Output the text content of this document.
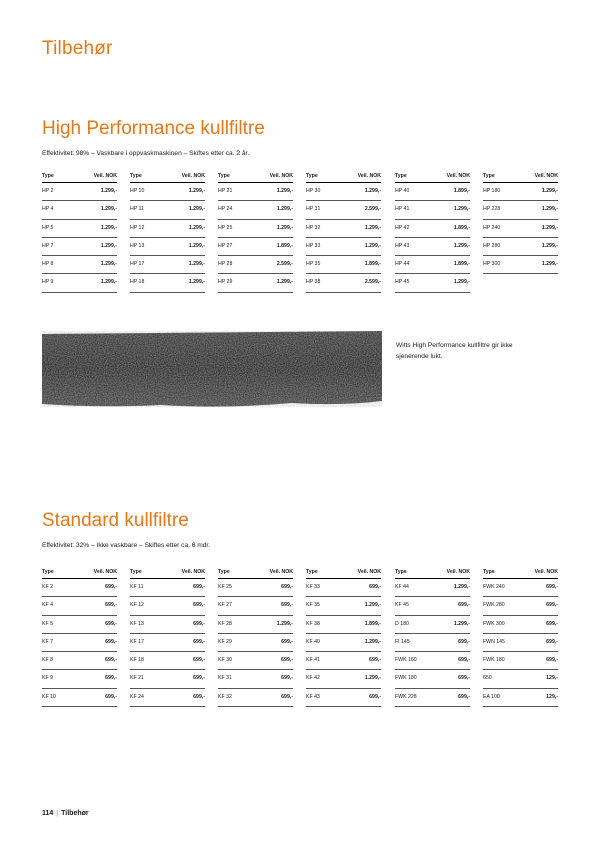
Tilbehør
High Performance kullfiltre
Effektivitet: 98% – Vaskbare i oppvaskmaskinen – Skiftes etter ca. 2 år.
Type	Veil. NOK
HP 2	1.299,-
HP 4	1.299,-
HP 5	1.299,-
HP 7	1.299,-
HP 8	1.299,-
HP 9	1.299,-
Type	Veil. NOK
HP 10	1.299,-
HP 11	1.299,-
HP 12	1.299,-
HP 13	1.299,-
HP 17	1.299,-
HP 18	1.299,-
Type	Veil. NOK
HP 21	1.299,-
HP 24	1.299,-
HP 25	1.299,-
HP 27	1.899,-
HP 28	2.599,-
HP 29	1.299,-
Type	Veil. NOK
HP 30	1.299,-
HP 31	2.599,-
HP 32	1.299,-
HP 33	1.299,-
HP 35	1.899,-
HP 38	2.599,-
Type	Veil. NOK
HP 40	1.899,-
HP 41	1.299,-
HP 42	1.899,-
HP 43	1.299,-
HP 44	1.899,-
HP 45	1.299,-
Type	Veil. NOK
HP 180	1.299,-
HP 228	1.299,-
HP 240	1.299,-
HP 280	1.299,-
HP 300	1.299,-
Witts High Performance kullfiltre gir ikke sjenerende lukt.
Standard kullfiltre
Effektivitet: 32% – Ikke vaskbare – Skiftes etter ca. 6 mdr.
Type	Veil. NOK
KF 2	699,-
KF 4	699,-
KF 5	699,-
KF 7	699,-
KF 8	699,-
KF 9	699,-
KF 10	699,-
Type	Veil. NOK
KF 11	699,-
KF 12	699,-
KF 13	699,-
KF 17	699,-
KF 18	699,-
KF 21	699,-
KF 24	699,-
Type	Veil. NOK
KF 25	699,-
KF 27	699,-
KF 28	1.299,-
KF 29	699,-
KF 30	699,-
KF 31	699,-
KF 32	699,-
Type	Veil. NOK
KF 33	699,-
KF 35	1.299,-
KF 38	1.899,-
KF 40	1.299,-
KF 41	699,-
KF 42	1.299,-
KF 43	699,-
Type	Veil. NOK
KF 44	1.299,-
KF 45	699,-
D 180	1.299,-
FI 145	699,-
FWK 160	699,-
FWK 180	699,-
FWK 228	699,-
Type	Veil. NOK
FWK 240	699,-
FWK 280	699,-
FWK 300	699,-
FWN 145	699,-
FWK 180	699,-
650	129,-
EA 100	129,-
114 | Tilbehør
